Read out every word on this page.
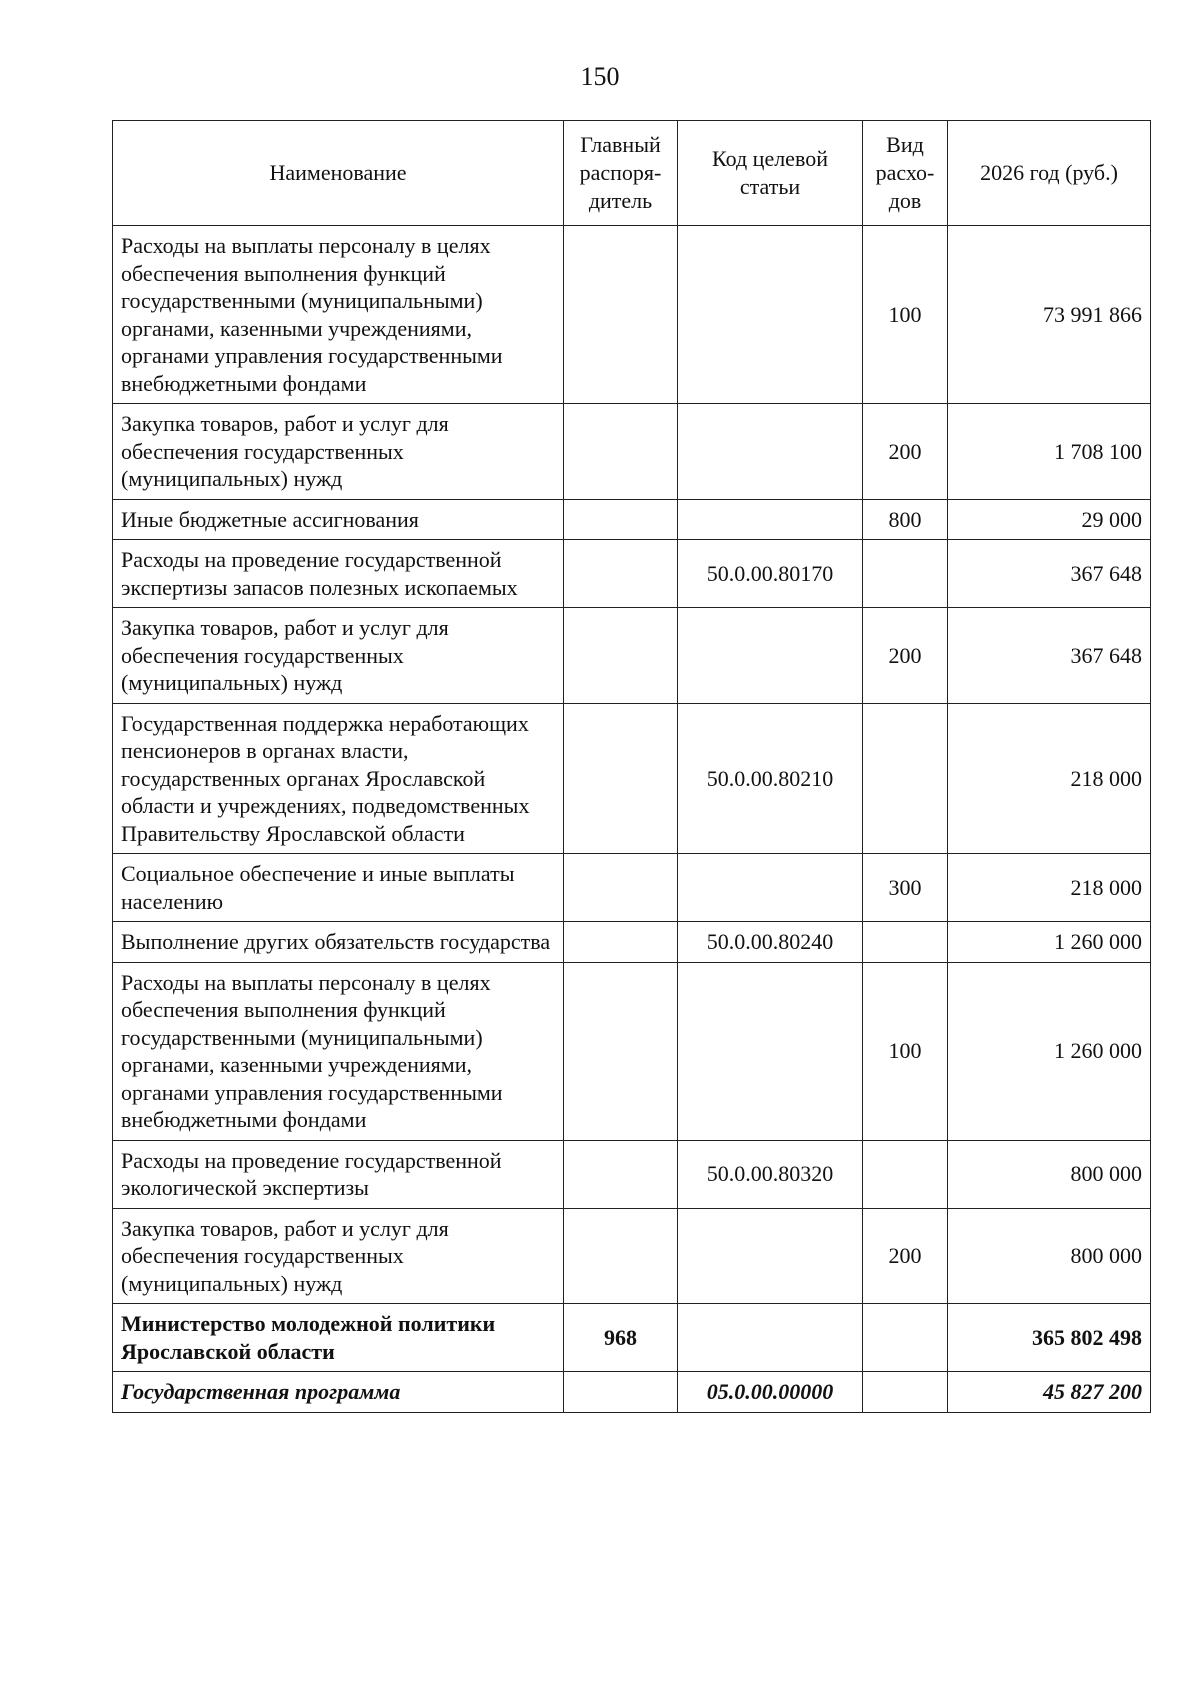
150
Наименование	Главный распоря-дитель	Код целевой статьи	Вид расхо-дов	2026 год (руб.)
Расходы на выплаты персоналу в целях обеспечения выполнения функций государственными (муниципальными) органами, казенными учреждениями, органами управления государственными внебюджетными фондами			100	73 991 866
Закупка товаров, работ и услуг для обеспечения государственных (муниципальных) нужд			200	1 708 100
Иные бюджетные ассигнования			800	29 000
Расходы на проведение государственной экспертизы запасов полезных ископаемых		50.0.00.80170		367 648
Закупка товаров, работ и услуг для обеспечения государственных (муниципальных) нужд			200	367 648
Государственная поддержка неработающих пенсионеров в органах власти, государственных органах Ярославской области и учреждениях, подведомственных Правительству Ярославской области		50.0.00.80210		218 000
Социальное обеспечение и иные выплаты населению			300	218 000
Выполнение других обязательств государства		50.0.00.80240		1 260 000
Расходы на выплаты персоналу в целях обеспечения выполнения функций государственными (муниципальными) органами, казенными учреждениями, органами управления государственными внебюджетными фондами			100	1 260 000
Расходы на проведение государственной экологической экспертизы		50.0.00.80320		800 000
Закупка товаров, работ и услуг для обеспечения государственных (муниципальных) нужд			200	800 000
Министерство молодежной политики Ярославской области	968			365 802 498
Государственная программа		05.0.00.00000		45 827 200
